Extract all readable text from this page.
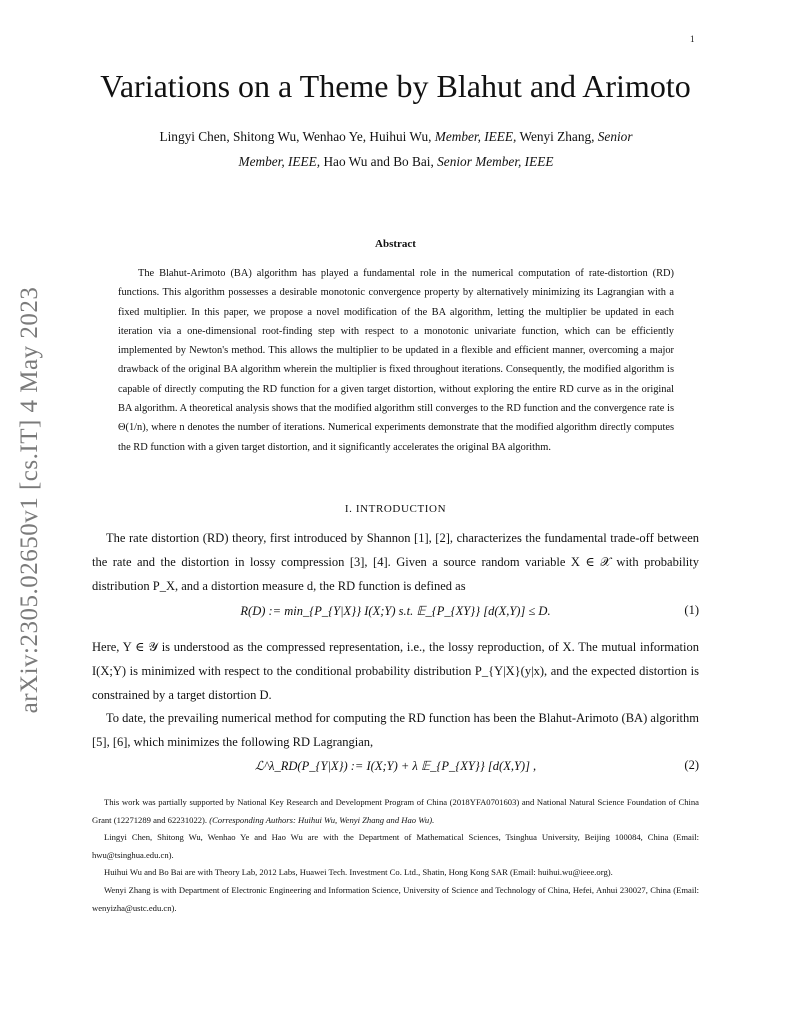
1
arXiv:2305.02650v1 [cs.IT] 4 May 2023
Variations on a Theme by Blahut and Arimoto
Lingyi Chen, Shitong Wu, Wenhao Ye, Huihui Wu, Member, IEEE, Wenyi Zhang, Senior
Member, IEEE, Hao Wu and Bo Bai, Senior Member, IEEE
Abstract
The Blahut-Arimoto (BA) algorithm has played a fundamental role in the numerical computation of rate-distortion (RD) functions. This algorithm possesses a desirable monotonic convergence property by alternatively minimizing its Lagrangian with a fixed multiplier. In this paper, we propose a novel modification of the BA algorithm, letting the multiplier be updated in each iteration via a one-dimensional root-finding step with respect to a monotonic univariate function, which can be efficiently implemented by Newton's method. This allows the multiplier to be updated in a flexible and efficient manner, overcoming a major drawback of the original BA algorithm wherein the multiplier is fixed throughout iterations. Consequently, the modified algorithm is capable of directly computing the RD function for a given target distortion, without exploring the entire RD curve as in the original BA algorithm. A theoretical analysis shows that the modified algorithm still converges to the RD function and the convergence rate is Θ(1/n), where n denotes the number of iterations. Numerical experiments demonstrate that the modified algorithm directly computes the RD function with a given target distortion, and it significantly accelerates the original BA algorithm.
I. INTRODUCTION
The rate distortion (RD) theory, first introduced by Shannon [1], [2], characterizes the fundamental trade-off between the rate and the distortion in lossy compression [3], [4]. Given a source random variable X ∈ 𝒳 with probability distribution P_X, and a distortion measure d, the RD function is defined as
R(D) := min_{P_{Y|X}} I(X;Y) s.t. 𝔼_{P_{XY}} [d(X,Y)] ≤ D.	(1)
Here, Y ∈ 𝒴 is understood as the compressed representation, i.e., the lossy reproduction, of X. The mutual information I(X;Y) is minimized with respect to the conditional probability distribution P_{Y|X}(y|x), and the expected distortion is constrained by a target distortion D.
To date, the prevailing numerical method for computing the RD function has been the Blahut-Arimoto (BA) algorithm [5], [6], which minimizes the following RD Lagrangian,
ℒ^λ_RD(P_{Y|X}) := I(X;Y) + λ 𝔼_{P_{XY}} [d(X,Y)] ,	(2)

This work was partially supported by National Key Research and Development Program of China (2018YFA0701603) and National Natural Science Foundation of China Grant (12271289 and 62231022). (Corresponding Authors: Huihui Wu, Wenyi Zhang and Hao Wu).

Lingyi Chen, Shitong Wu, Wenhao Ye and Hao Wu are with the Department of Mathematical Sciences, Tsinghua University, Beijing 100084, China (Email: hwu@tsinghua.edu.cn).

Huihui Wu and Bo Bai are with Theory Lab, 2012 Labs, Huawei Tech. Investment Co. Ltd., Shatin, Hong Kong SAR (Email: huihui.wu@ieee.org).

Wenyi Zhang is with Department of Electronic Engineering and Information Science, University of Science and Technology of China, Hefei, Anhui 230027, China (Email: wenyizha@ustc.edu.cn).
